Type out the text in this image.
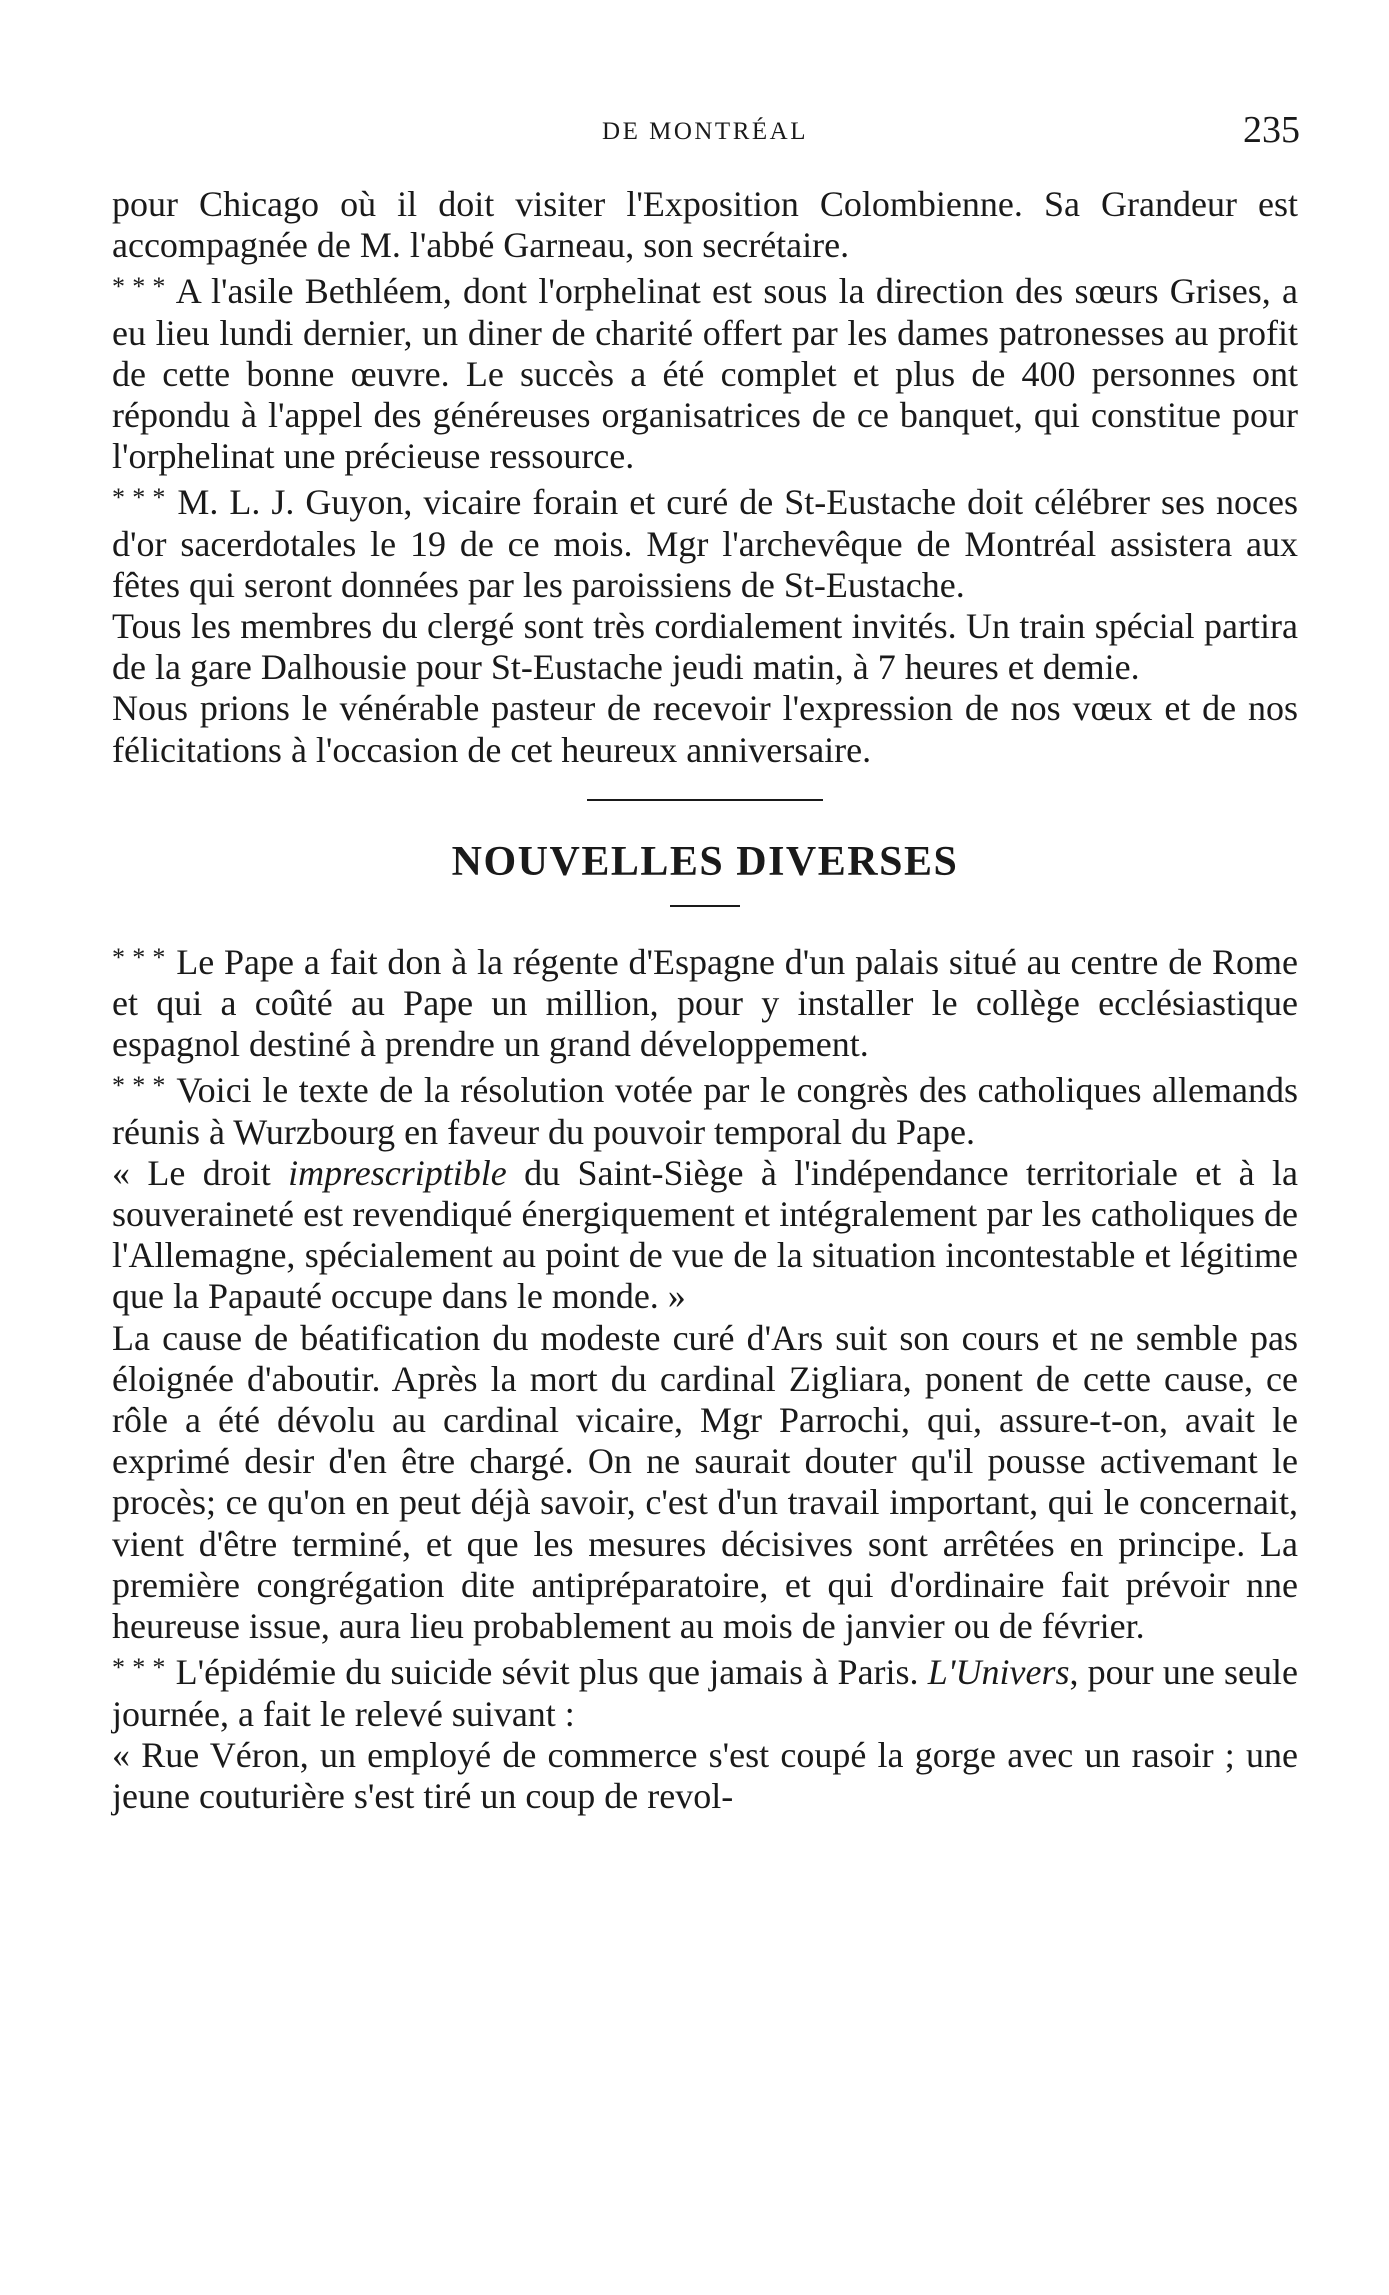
DE MONTRÉAL	235

pour Chicago où il doit visiter l'Exposition Colombienne. Sa Grandeur est accompagnée de M. l'abbé Garneau, son secrétaire.

* * * A l'asile Bethléem, dont l'orphelinat est sous la direction des sœurs Grises, a eu lieu lundi dernier, un diner de charité offert par les dames patronesses au profit de cette bonne œuvre. Le succès a été complet et plus de 400 personnes ont répondu à l'appel des généreuses organisatrices de ce banquet, qui constitue pour l'orphelinat une précieuse ressource.

* * * M. L. J. Guyon, vicaire forain et curé de St-Eustache doit célébrer ses noces d'or sacerdotales le 19 de ce mois. Mgr l'archevêque de Montréal assistera aux fêtes qui seront données par les paroissiens de St-Eustache.

Tous les membres du clergé sont très cordialement invités. Un train spécial partira de la gare Dalhousie pour St-Eustache jeudi matin, à 7 heures et demie.

Nous prions le vénérable pasteur de recevoir l'expression de nos vœux et de nos félicitations à l'occasion de cet heureux anniversaire.

NOUVELLES DIVERSES

* * * Le Pape a fait don à la régente d'Espagne d'un palais situé au centre de Rome et qui a coûté au Pape un million, pour y installer le collège ecclésiastique espagnol destiné à prendre un grand développement.

* * * Voici le texte de la résolution votée par le congrès des catholiques allemands réunis à Wurzbourg en faveur du pouvoir temporal du Pape.

« Le droit imprescriptible du Saint-Siège à l'indépendance territoriale et à la souveraineté est revendiqué énergiquement et intégralement par les catholiques de l'Allemagne, spécialement au point de vue de la situation incontestable et légitime que la Papauté occupe dans le monde. »

La cause de béatification du modeste curé d'Ars suit son cours et ne semble pas éloignée d'aboutir. Après la mort du cardinal Zigliara, ponent de cette cause, ce rôle a été dévolu au cardinal vicaire, Mgr Parrochi, qui, assure-t-on, avait le exprimé desir d'en être chargé. On ne saurait douter qu'il pousse activemant le procès; ce qu'on en peut déjà savoir, c'est d'un travail important, qui le concernait, vient d'être terminé, et que les mesures décisives sont arrêtées en principe. La première congrégation dite antipréparatoire, et qui d'ordinaire fait prévoir nne heureuse issue, aura lieu probablement au mois de janvier ou de février.

* * * L'épidémie du suicide sévit plus que jamais à Paris. L'Univers, pour une seule journée, a fait le relevé suivant :

« Rue Véron, un employé de commerce s'est coupé la gorge avec un rasoir ; une jeune couturière s'est tiré un coup de revol-
